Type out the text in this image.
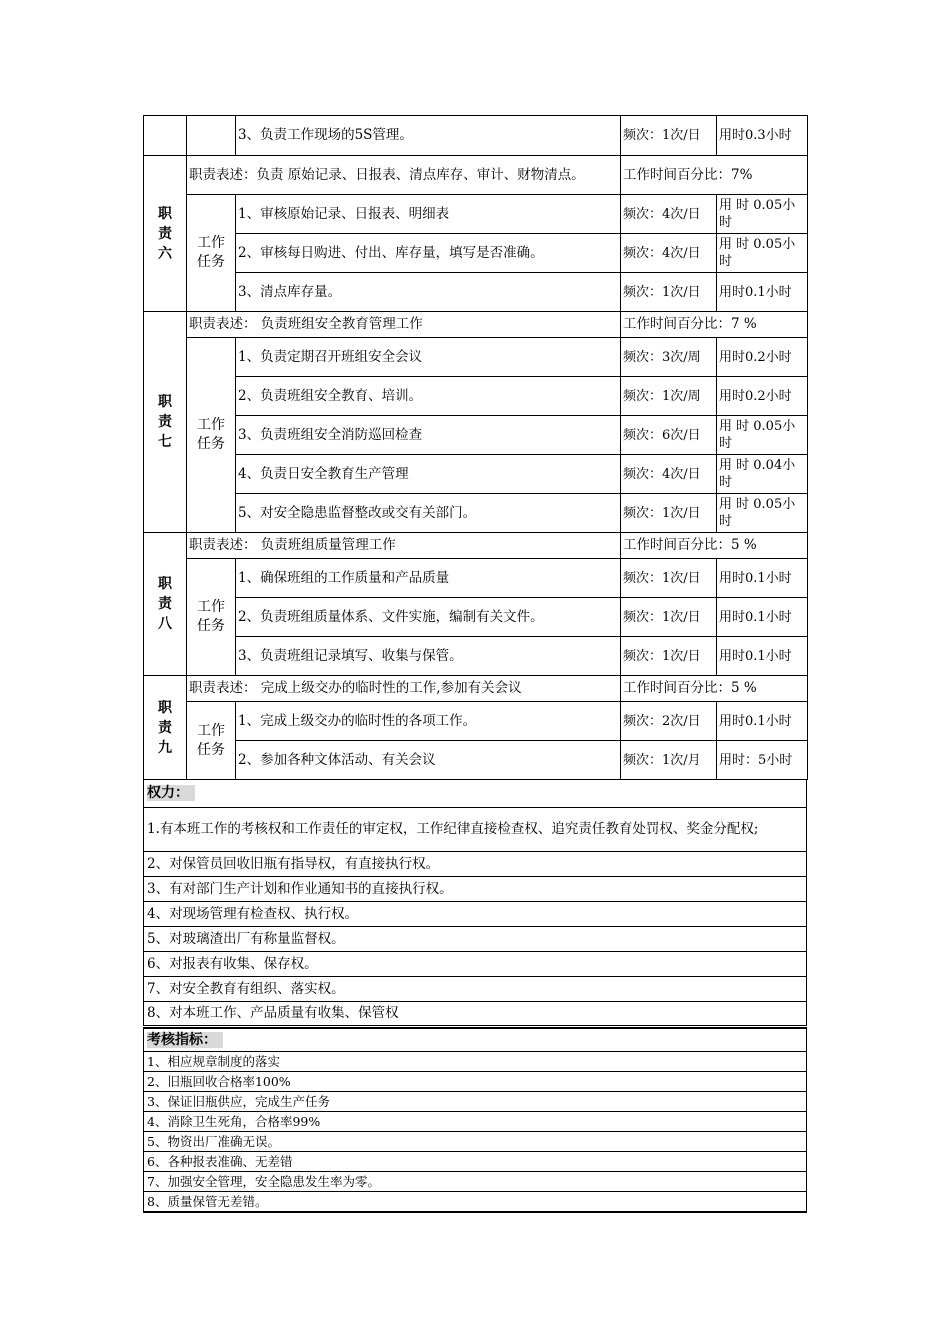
		3、负责工作现场的5S管理。	频次：1次/日	用时0.3小时

职责六	职责表述：负责 原始记录、日报表、清点库存、审计、财物清点。		工作时间百分比：7%	

	工作任务	1、审核原始记录、日报表、明细表	频次：4次/日	用 时 0.05小时
		2、审核每日购进、付出、库存量，填写是否准确。	频次：4次/日	用 时 0.05小时
		3、清点库存量。	频次：1次/日	用时0.1小时

职责七	职责表述： 负责班组安全教育管理工作		工作时间百分比：7 %	

	工作任务	1、负责定期召开班组安全会议	频次：3次/周	用时0.2小时
		2、负责班组安全教育、培训。	频次：1次/周	用时0.2小时
		3、负责班组安全消防巡回检查	频次：6次/日	用 时 0.05小时
		4、负责日安全教育生产管理	频次：4次/日	用 时 0.04小时
		5、对安全隐患监督整改或交有关部门。	频次：1次/日	用 时 0.05小时

职责八	职责表述： 负责班组质量管理工作		工作时间百分比：5 %	

	工作任务	1、确保班组的工作质量和产品质量	频次：1次/日	用时0.1小时
		2、负责班组质量体系、文件实施，编制有关文件。	频次：1次/日	用时0.1小时
		3、负责班组记录填写、收集与保管。	频次：1次/日	用时0.1小时

职责九	职责表述： 完成上级交办的临时性的工作,参加有关会议		工作时间百分比：5 %	

	工作任务	1、完成上级交办的临时性的各项工作。	频次：2次/日	用时0.1小时
		2、参加各种文体活动、有关会议	频次：1次/月	用时：5小时
权力：
1.有本班工作的考核权和工作责任的审定权，工作纪律直接检查权、追究责任教育处罚权、奖金分配权;
2、对保管员回收旧瓶有指导权，有直接执行权。
3、有对部门生产计划和作业通知书的直接执行权。
4、对现场管理有检查权、执行权。
5、对玻璃渣出厂有称量监督权。
6、对报表有收集、保存权。
7、对安全教育有组织、落实权。
8、对本班工作、产品质量有收集、保管权
考核指标：
1、相应规章制度的落实
2、旧瓶回收合格率100%
3、保证旧瓶供应，完成生产任务
4、消除卫生死角，合格率99%
5、物资出厂准确无误。
6、各种报表准确、无差错
7、加强安全管理，安全隐患发生率为零。
8、质量保管无差错。
